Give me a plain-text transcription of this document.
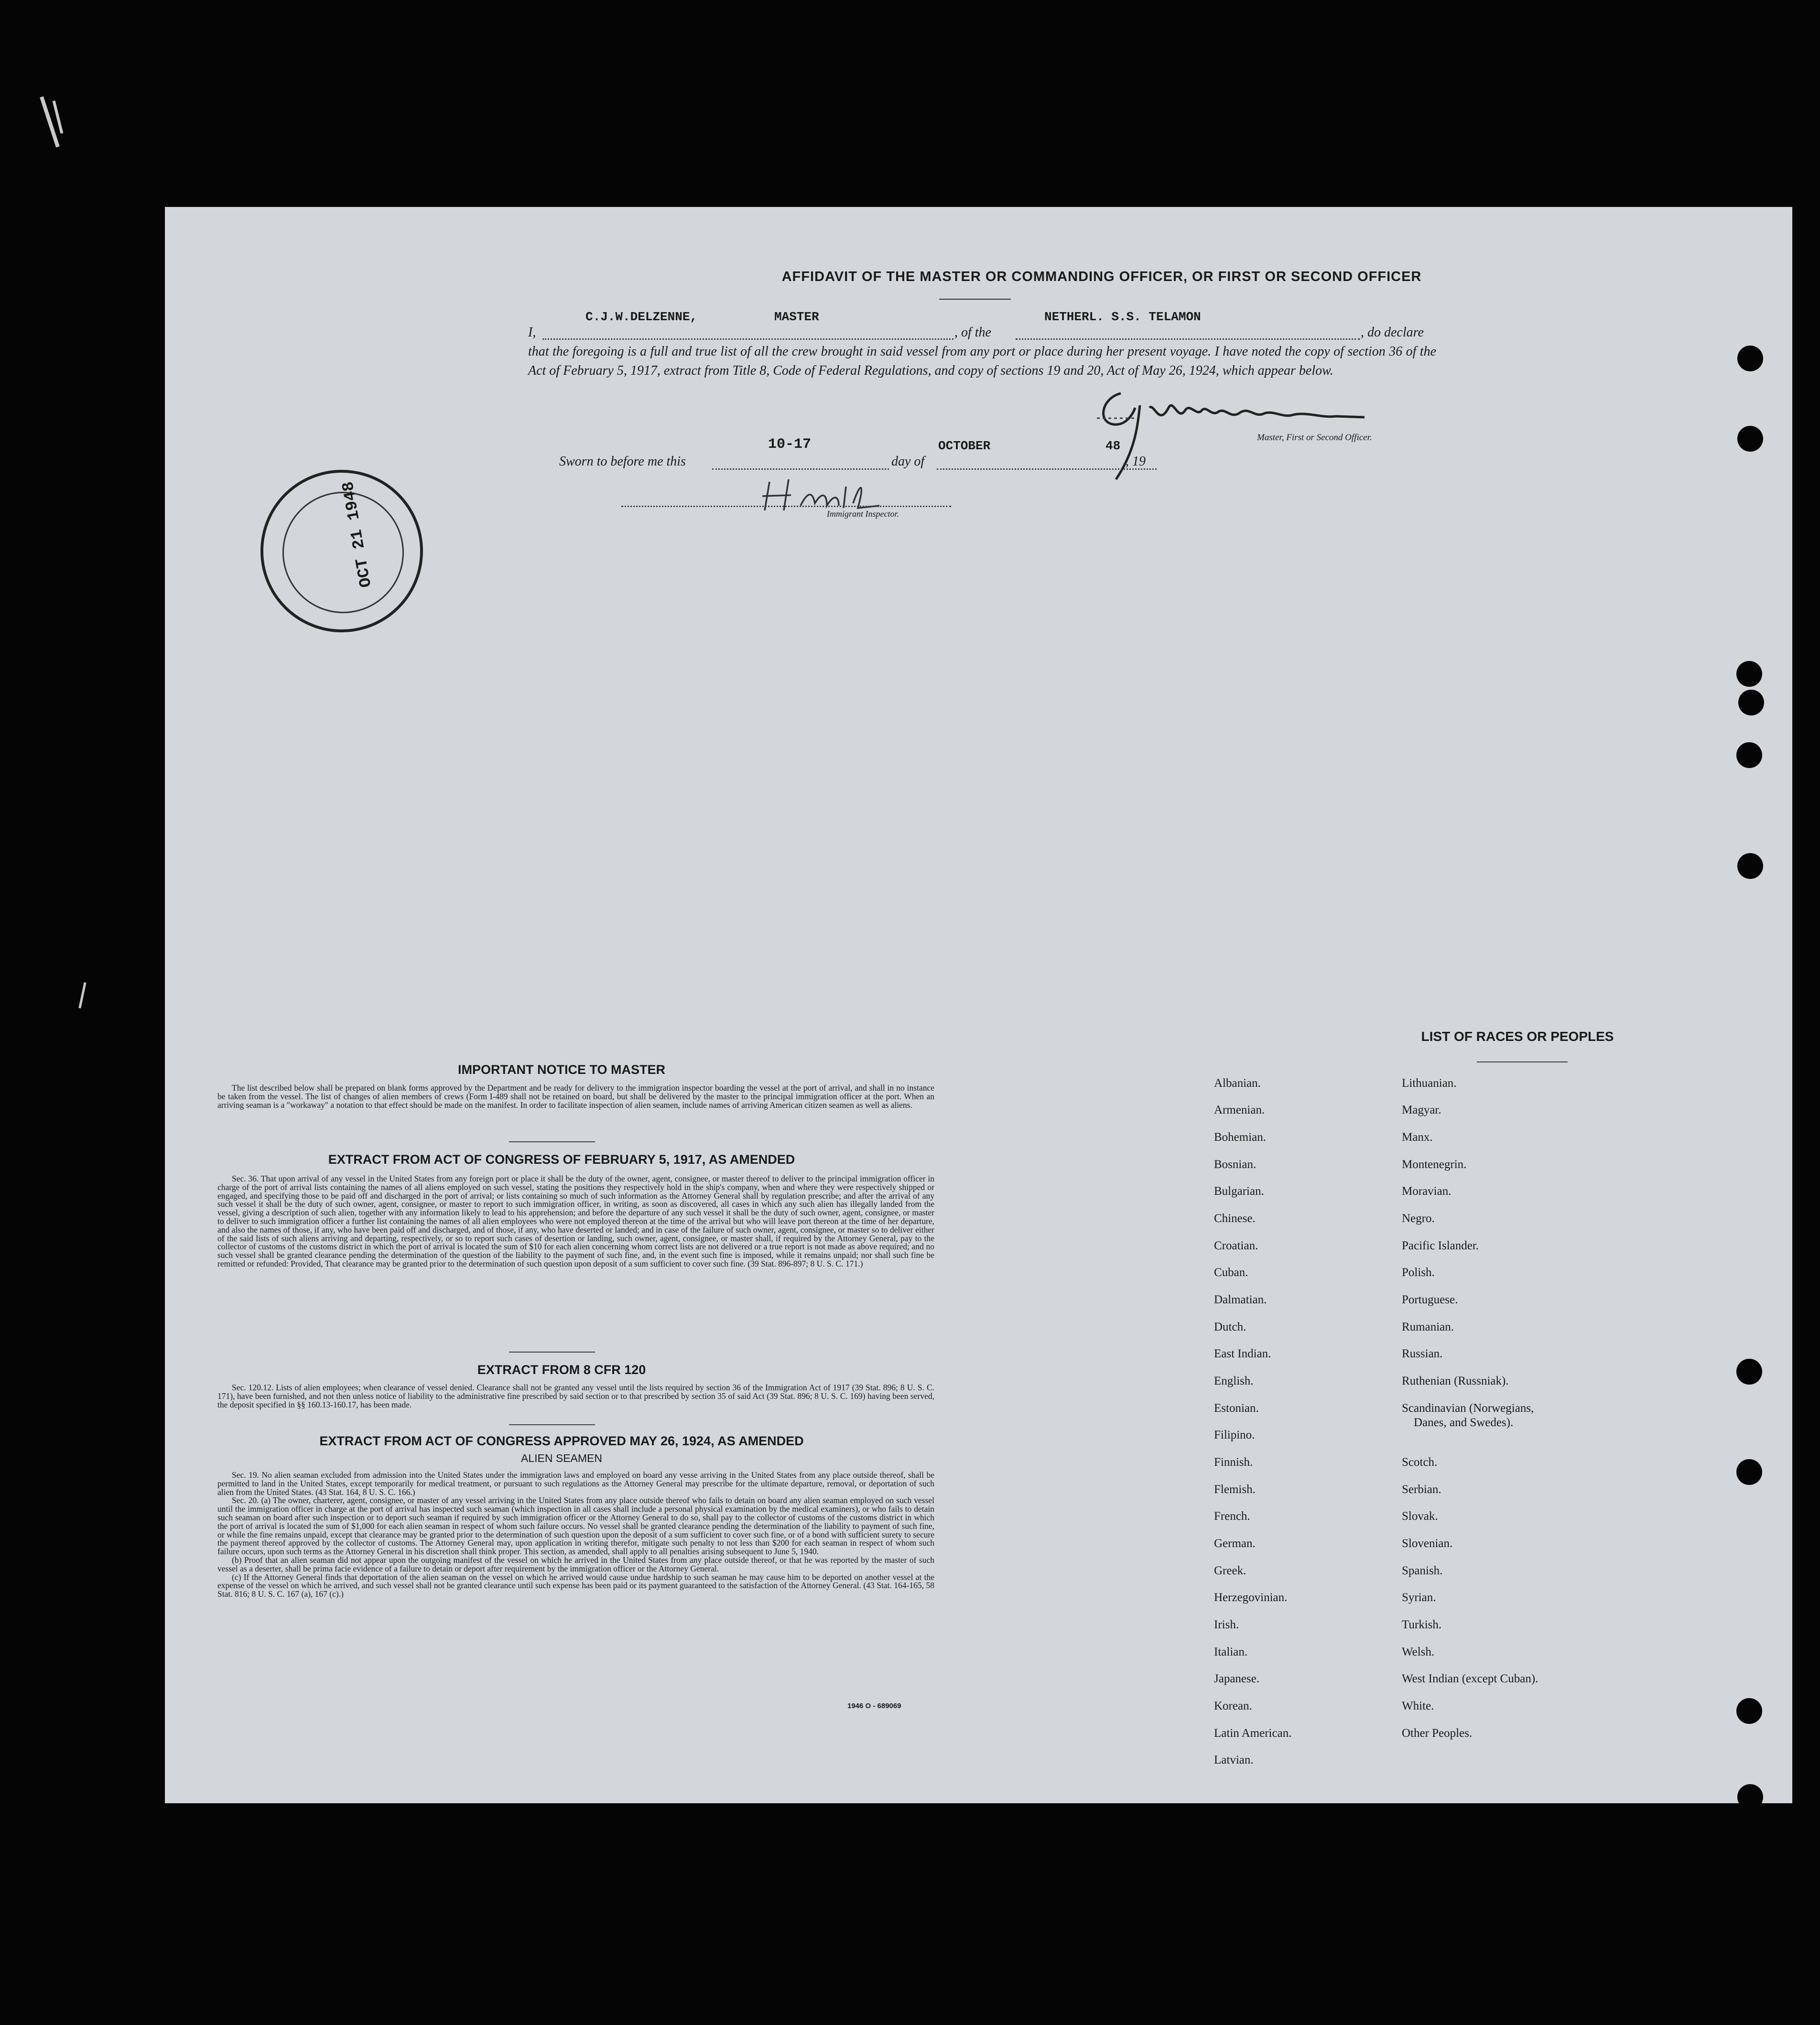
AFFIDAVIT OF THE MASTER OR COMMANDING OFFICER, OR FIRST OR SECOND OFFICER
I,
C.J.W.DELZENNE,	MASTER
, of the
NETHERL. S.S. TELAMON
, do declare
that the foregoing is a full and true list of all the crew brought in said vessel from any port or place during her present voyage. I have noted the copy of section 36 of the Act of February 5, 1917, extract from Title 8, Code of Federal Regulations, and copy of sections 19 and 20, Act of May 26, 1924, which appear below.
Master, First or Second Officer.
Sworn to before me this
10-17
day of
OCTOBER	48
, 19
Immigrant Inspector.
OCT 21 1948
IMPORTANT NOTICE TO MASTER

The list described below shall be prepared on blank forms approved by the Department and be ready for delivery to the immigration inspector boarding the vessel at the port of arrival, and shall in no instance be taken from the vessel. The list of changes of alien members of crews (Form I-489 shall not be retained on board, but shall be delivered by the master to the principal immigration officer at the port. When an arriving seaman is a "workaway" a notation to that effect should be made on the manifest. In order to facilitate inspection of alien seamen, include names of arriving American citizen seamen as well as aliens.

EXTRACT FROM ACT OF CONGRESS OF FEBRUARY 5, 1917, AS AMENDED

Sec. 36. That upon arrival of any vessel in the United States from any foreign port or place it shall be the duty of the owner, agent, consignee, or master thereof to deliver to the principal immigration officer in charge of the port of arrival lists containing the names of all aliens employed on such vessel, stating the positions they respectively hold in the ship's company, when and where they were respectively shipped or engaged, and specifying those to be paid off and discharged in the port of arrival; or lists containing so much of such information as the Attorney General shall by regulation prescribe; and after the arrival of any such vessel it shall be the duty of such owner, agent, consignee, or master to report to such immigration officer, in writing, as soon as discovered, all cases in which any such alien has illegally landed from the vessel, giving a description of such alien, together with any information likely to lead to his apprehension; and before the departure of any such vessel it shall be the duty of such owner, agent, consignee, or master to deliver to such immigration officer a further list containing the names of all alien employees who were not employed thereon at the time of the arrival but who will leave port thereon at the time of her departure, and also the names of those, if any, who have been paid off and discharged, and of those, if any, who have deserted or landed; and in case of the failure of such owner, agent, consignee, or master so to deliver either of the said lists of such aliens arriving and departing, respectively, or so to report such cases of desertion or landing, such owner, agent, consignee, or master shall, if required by the Attorney General, pay to the collector of customs of the customs district in which the port of arrival is located the sum of $10 for each alien concerning whom correct lists are not delivered or a true report is not made as above required; and no such vessel shall be granted clearance pending the determination of the question of the liability to the payment of such fine, and, in the event such fine is imposed, while it remains unpaid; nor shall such fine be remitted or refunded: Provided, That clearance may be granted prior to the determination of such question upon deposit of a sum sufficient to cover such fine. (39 Stat. 896-897; 8 U. S. C. 171.)

EXTRACT FROM 8 CFR 120

Sec. 120.12. Lists of alien employees; when clearance of vessel denied. Clearance shall not be granted any vessel until the lists required by section 36 of the Immigration Act of 1917 (39 Stat. 896; 8 U. S. C. 171), have been furnished, and not then unless notice of liability to the administrative fine prescribed by said section or to that prescribed by section 35 of said Act (39 Stat. 896; 8 U. S. C. 169) having been served, the deposit specified in §§ 160.13-160.17, has been made.

EXTRACT FROM ACT OF CONGRESS APPROVED MAY 26, 1924, AS AMENDED
ALIEN SEAMEN

Sec. 19. No alien seaman excluded from admission into the United States under the immigration laws and employed on board any vesse arriving in the United States from any place outside thereof, shall be permitted to land in the United States, except temporarily for medical treatment, or pursuant to such regulations as the Attorney General may prescribe for the ultimate departure, removal, or deportation of such alien from the United States. (43 Stat. 164, 8 U. S. C. 166.)

Sec. 20. (a) The owner, charterer, agent, consignee, or master of any vessel arriving in the United States from any place outside thereof who fails to detain on board any alien seaman employed on such vessel until the immigration officer in charge at the port of arrival has inspected such seaman (which inspection in all cases shall include a personal physical examination by the medical examiners), or who fails to detain such seaman on board after such inspection or to deport such seaman if required by such immigration officer or the Attorney General to do so, shall pay to the collector of customs of the customs district in which the port of arrival is located the sum of $1,000 for each alien seaman in respect of whom such failure occurs. No vessel shall be granted clearance pending the determination of the liability to payment of such fine, or while the fine remains unpaid, except that clearance may be granted prior to the determination of such question upon the deposit of a sum sufficient to cover such fine, or of a bond with sufficient surety to secure the payment thereof approved by the collector of customs. The Attorney General may, upon application in writing therefor, mitigate such penalty to not less than $200 for each seaman in respect of whom such failure occurs, upon such terms as the Attorney General in his discretion shall think proper. This section, as amended, shall apply to all penalties arising subsequent to June 5, 1940.

(b) Proof that an alien seaman did not appear upon the outgoing manifest of the vessel on which he arrived in the United States from any place outside thereof, or that he was reported by the master of such vessel as a deserter, shall be prima facie evidence of a failure to detain or deport after requirement by the immigration officer or the Attorney General.

(c) If the Attorney General finds that deportation of the alien seaman on the vessel on which he arrived would cause undue hardship to such seaman he may cause him to be deported on another vessel at the expense of the vessel on which he arrived, and such vessel shall not be granted clearance until such expense has been paid or its payment guaranteed to the satisfaction of the Attorney General. (43 Stat. 164-165, 58 Stat. 816; 8 U. S. C. 167 (a), 167 (c).)

1946 O - 689069
LIST OF RACES OR PEOPLES
Albanian.
Armenian.
Bohemian.
Bosnian.
Bulgarian.
Chinese.
Croatian.
Cuban.
Dalmatian.
Dutch.
East Indian.
English.
Estonian.
Filipino.
Finnish.
Flemish.
French.
German.
Greek.
Herzegovinian.
Irish.
Italian.
Japanese.
Korean.
Latin American.
Latvian.
Lithuanian.
Magyar.
Manx.
Montenegrin.
Moravian.
Negro.
Pacific Islander.
Polish.
Portuguese.
Rumanian.
Russian.
Ruthenian (Russniak).
Scandinavian (Norwegians,
Danes, and Swedes).
Scotch.
Serbian.
Slovak.
Slovenian.
Spanish.
Syrian.
Turkish.
Welsh.
West Indian (except Cuban).
White.
Other Peoples.
